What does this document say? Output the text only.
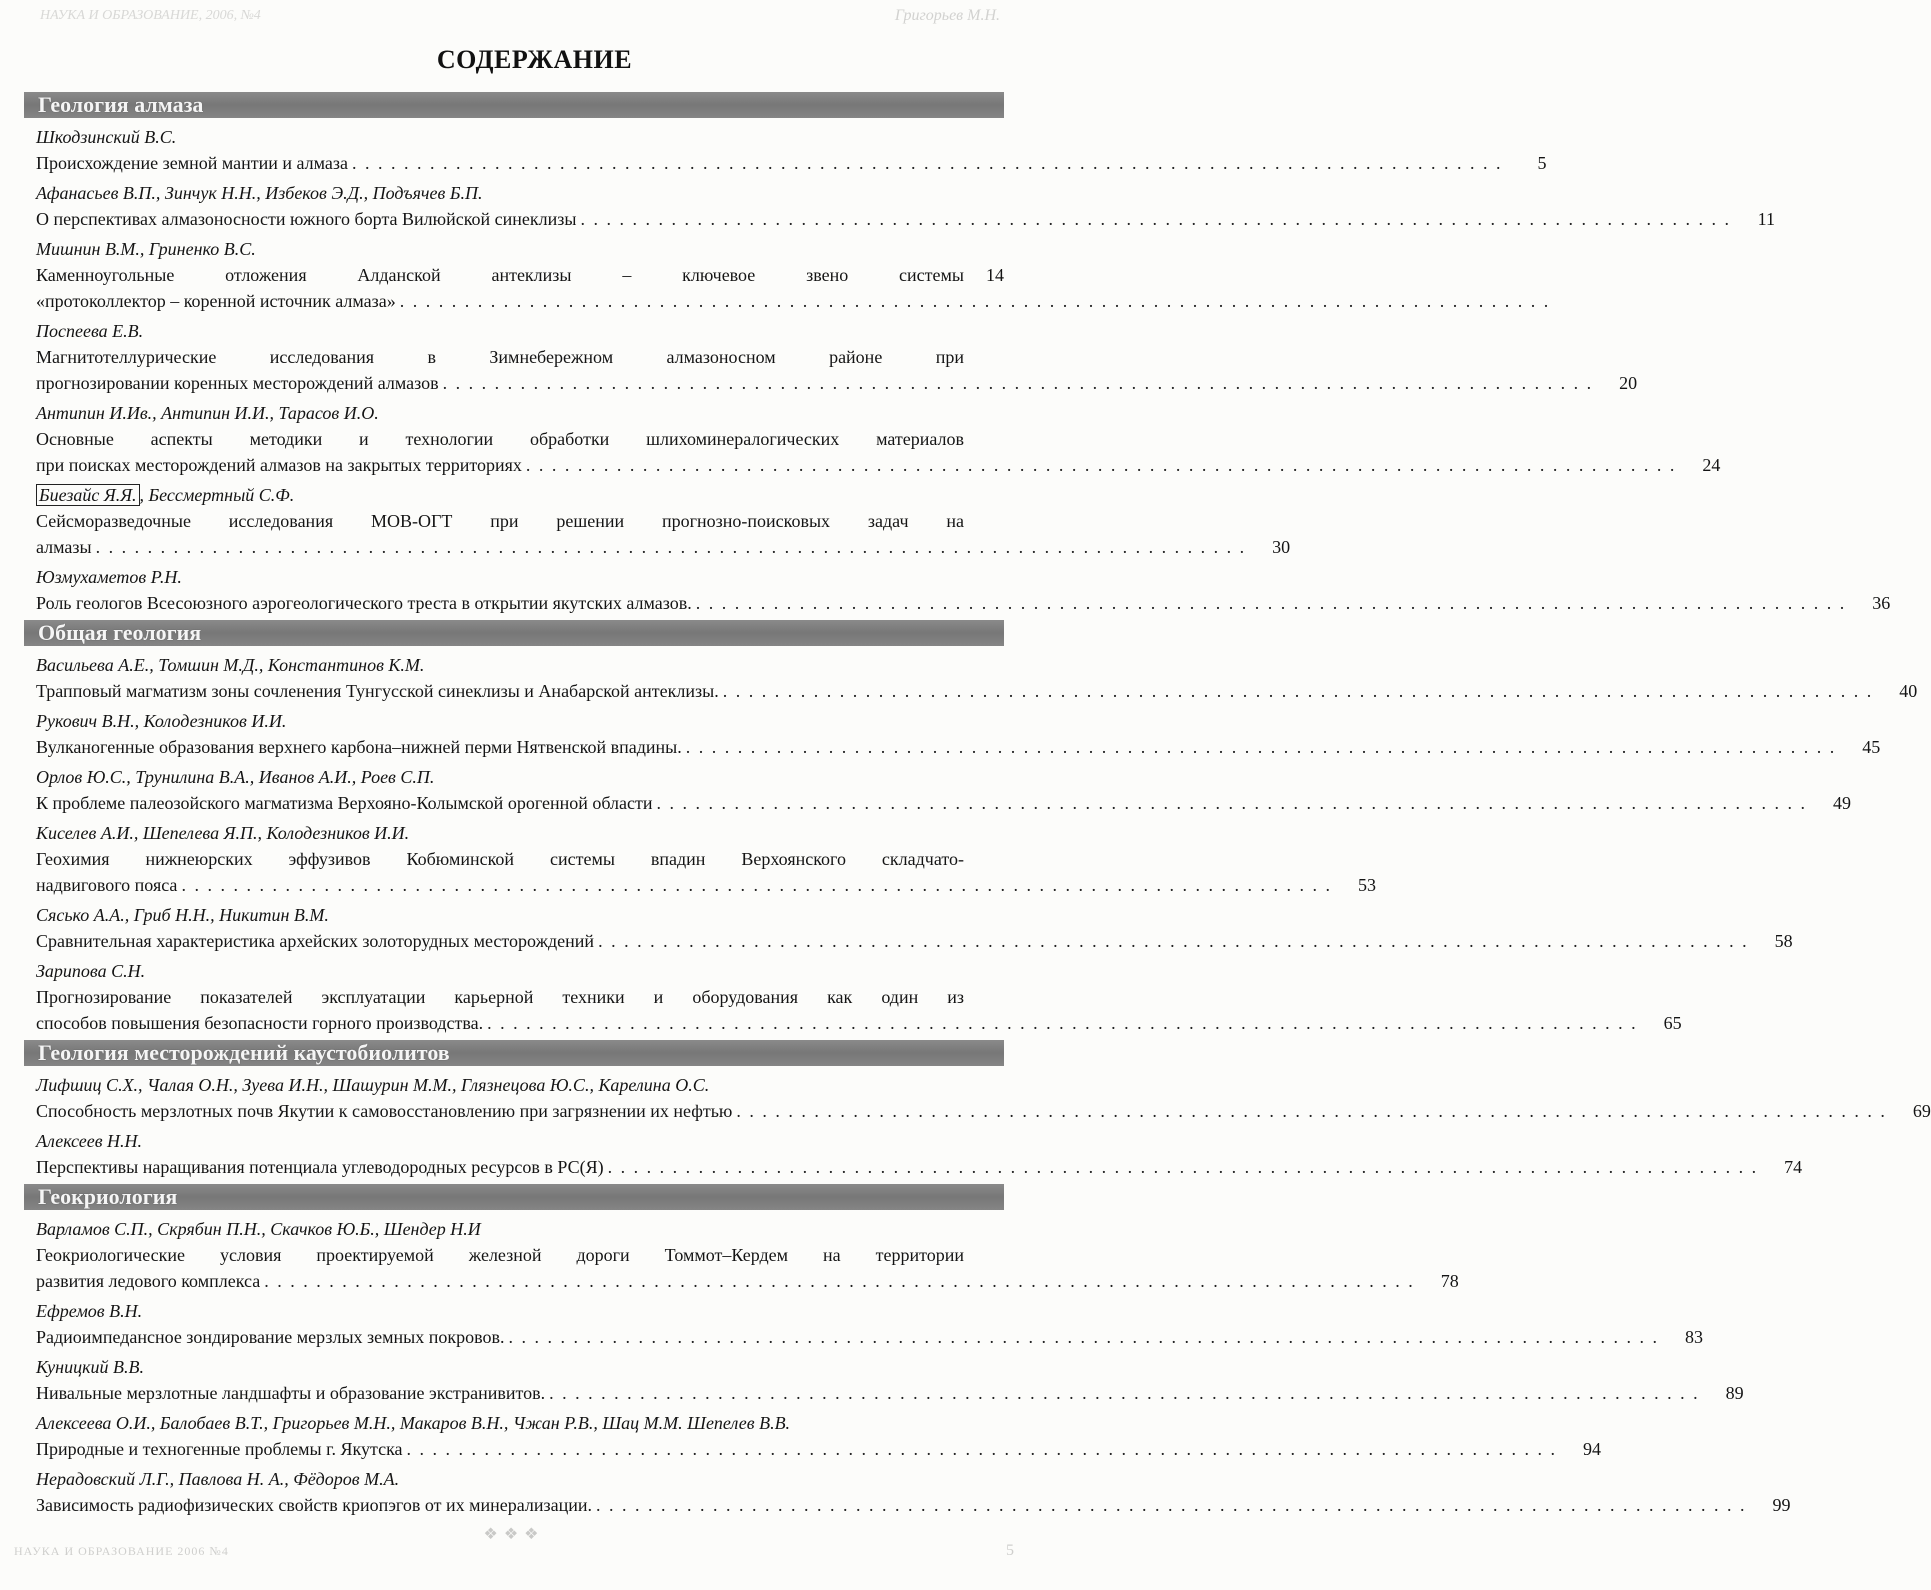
НАУКА И ОБРАЗОВАНИЕ, 2006, №4	Григорьев М.Н.
СОДЕРЖАНИЕ
Геология алмаза
Шкодзинский В.С.
Происхождение земной мантии и алмаза . . . . . . . . . . . . . . . . . . . . . . . . . . . . . . . . . . . . . . . . . . . . . . . . . . . . . . . . . . . . . . . . . . . . . . . . . . . . . . . . . . . . . . . . .	5
Афанасьев В.П., Зинчук Н.Н., Избеков Э.Д., Подъячев Б.П.
О перспективах алмазоносности южного борта Вилюйской синеклизы . . . . . . . . . . . . . . . . . . . . . . . . . . . . . . . . . . . . . . . . . . . . . . . . . . . . . . . . . . . . . . . . . . . . . . . . . . . . . . . . . . . . . . . . .	11
Мишнин В.М., Гриненко В.С.
Каменноугольные отложения Алданской антеклизы – ключевое звено системы	14
«протоколлектор – коренной источник алмаза» . . . . . . . . . . . . . . . . . . . . . . . . . . . . . . . . . . . . . . . . . . . . . . . . . . . . . . . . . . . . . . . . . . . . . . . . . . . . . . . . . . . . . . . . .
Поспеева Е.В.
Магнитотеллурические исследования в Зимнебережном алмазоносном районе при
прогнозировании коренных месторождений алмазов . . . . . . . . . . . . . . . . . . . . . . . . . . . . . . . . . . . . . . . . . . . . . . . . . . . . . . . . . . . . . . . . . . . . . . . . . . . . . . . . . . . . . . . . .	20
Антипин И.Ив., Антипин И.И., Тарасов И.О.
Основные аспекты методики и технологии обработки шлихоминералогических материалов
при поисках месторождений алмазов на закрытых территориях . . . . . . . . . . . . . . . . . . . . . . . . . . . . . . . . . . . . . . . . . . . . . . . . . . . . . . . . . . . . . . . . . . . . . . . . . . . . . . . . . . . . . . . . .	24
Биезайс Я.Я. , Бессмертный С.Ф.
Сейсморазведочные исследования МОВ-ОГТ при решении прогнозно-поисковых задач на
алмазы . . . . . . . . . . . . . . . . . . . . . . . . . . . . . . . . . . . . . . . . . . . . . . . . . . . . . . . . . . . . . . . . . . . . . . . . . . . . . . . . . . . . . . . . .	30
Юзмухаметов Р.Н.
Роль геологов Всесоюзного аэрогеологического треста в открытии якутских алмазов. . . . . . . . . . . . . . . . . . . . . . . . . . . . . . . . . . . . . . . . . . . . . . . . . . . . . . . . . . . . . . . . . . . . . . . . . . . . . . . . . . . . . . . . . .	36
Общая геология
Васильева А.Е., Томшин М.Д., Константинов К.М.
Трапповый магматизм зоны сочленения Тунгусской синеклизы и Анабарской антеклизы. . . . . . . . . . . . . . . . . . . . . . . . . . . . . . . . . . . . . . . . . . . . . . . . . . . . . . . . . . . . . . . . . . . . . . . . . . . . . . . . . . . . . . . . . .	40
Рукович В.Н., Колодезников И.И.
Вулканогенные образования верхнего карбона–нижней перми Нятвенской впадины. . . . . . . . . . . . . . . . . . . . . . . . . . . . . . . . . . . . . . . . . . . . . . . . . . . . . . . . . . . . . . . . . . . . . . . . . . . . . . . . . . . . . . . . . .	45
Орлов Ю.С., Трунилина В.А., Иванов А.И., Роев С.П.
К проблеме палеозойского магматизма Верхояно-Колымской орогенной области . . . . . . . . . . . . . . . . . . . . . . . . . . . . . . . . . . . . . . . . . . . . . . . . . . . . . . . . . . . . . . . . . . . . . . . . . . . . . . . . . . . . . . . . .	49
Киселев А.И., Шепелева Я.П., Колодезников И.И.
Геохимия нижнеюрских эффузивов Кобюминской системы впадин Верхоянского складчато-
надвигового пояса . . . . . . . . . . . . . . . . . . . . . . . . . . . . . . . . . . . . . . . . . . . . . . . . . . . . . . . . . . . . . . . . . . . . . . . . . . . . . . . . . . . . . . . . .	53
Сясько А.А., Гриб Н.Н., Никитин В.М.
Сравнительная характеристика архейских золоторудных месторождений . . . . . . . . . . . . . . . . . . . . . . . . . . . . . . . . . . . . . . . . . . . . . . . . . . . . . . . . . . . . . . . . . . . . . . . . . . . . . . . . . . . . . . . . .	58
Зарипова С.Н.
Прогнозирование показателей эксплуатации карьерной техники и оборудования как один из
способов повышения безопасности горного производства. . . . . . . . . . . . . . . . . . . . . . . . . . . . . . . . . . . . . . . . . . . . . . . . . . . . . . . . . . . . . . . . . . . . . . . . . . . . . . . . . . . . . . . . . .	65
Геология месторождений каустобиолитов
Лифшиц С.Х., Чалая О.Н., Зуева И.Н., Шашурин М.М., Глязнецова Ю.С., Карелина О.С.
Способность мерзлотных почв Якутии к самовосстановлению при загрязнении их нефтью . . . . . . . . . . . . . . . . . . . . . . . . . . . . . . . . . . . . . . . . . . . . . . . . . . . . . . . . . . . . . . . . . . . . . . . . . . . . . . . . . . . . . . . . .	69
Алексеев Н.Н.
Перспективы наращивания потенциала углеводородных ресурсов в РС(Я) . . . . . . . . . . . . . . . . . . . . . . . . . . . . . . . . . . . . . . . . . . . . . . . . . . . . . . . . . . . . . . . . . . . . . . . . . . . . . . . . . . . . . . . . .	74
Геокриология
Варламов С.П., Скрябин П.Н., Скачков Ю.Б., Шендер Н.И
Геокриологические условия проектируемой железной дороги Томмот–Кердем на территории
развития ледового комплекса . . . . . . . . . . . . . . . . . . . . . . . . . . . . . . . . . . . . . . . . . . . . . . . . . . . . . . . . . . . . . . . . . . . . . . . . . . . . . . . . . . . . . . . . .	78
Ефремов В.Н.
Радиоимпедансное зондирование мерзлых земных покровов. . . . . . . . . . . . . . . . . . . . . . . . . . . . . . . . . . . . . . . . . . . . . . . . . . . . . . . . . . . . . . . . . . . . . . . . . . . . . . . . . . . . . . . . . .	83
Куницкий В.В.
Нивальные мерзлотные ландшафты и образование экстранивитов. . . . . . . . . . . . . . . . . . . . . . . . . . . . . . . . . . . . . . . . . . . . . . . . . . . . . . . . . . . . . . . . . . . . . . . . . . . . . . . . . . . . . . . . . .	89
Алексеева О.И., Балобаев В.Т., Григорьев М.Н., Макаров В.Н., Чжан Р.В., Шац М.М. Шепелев В.В.
Природные и техногенные проблемы г. Якутска . . . . . . . . . . . . . . . . . . . . . . . . . . . . . . . . . . . . . . . . . . . . . . . . . . . . . . . . . . . . . . . . . . . . . . . . . . . . . . . . . . . . . . . . .	94
Нерадовский Л.Г., Павлова Н. А., Фёдоров М.А.
Зависимость радиофизических свойств криопэгов от их минерализации. . . . . . . . . . . . . . . . . . . . . . . . . . . . . . . . . . . . . . . . . . . . . . . . . . . . . . . . . . . . . . . . . . . . . . . . . . . . . . . . . . . . . . . . . .	99
❖❖❖
НАУКА И ОБРАЗОВАНИЕ 2006 №4	5
